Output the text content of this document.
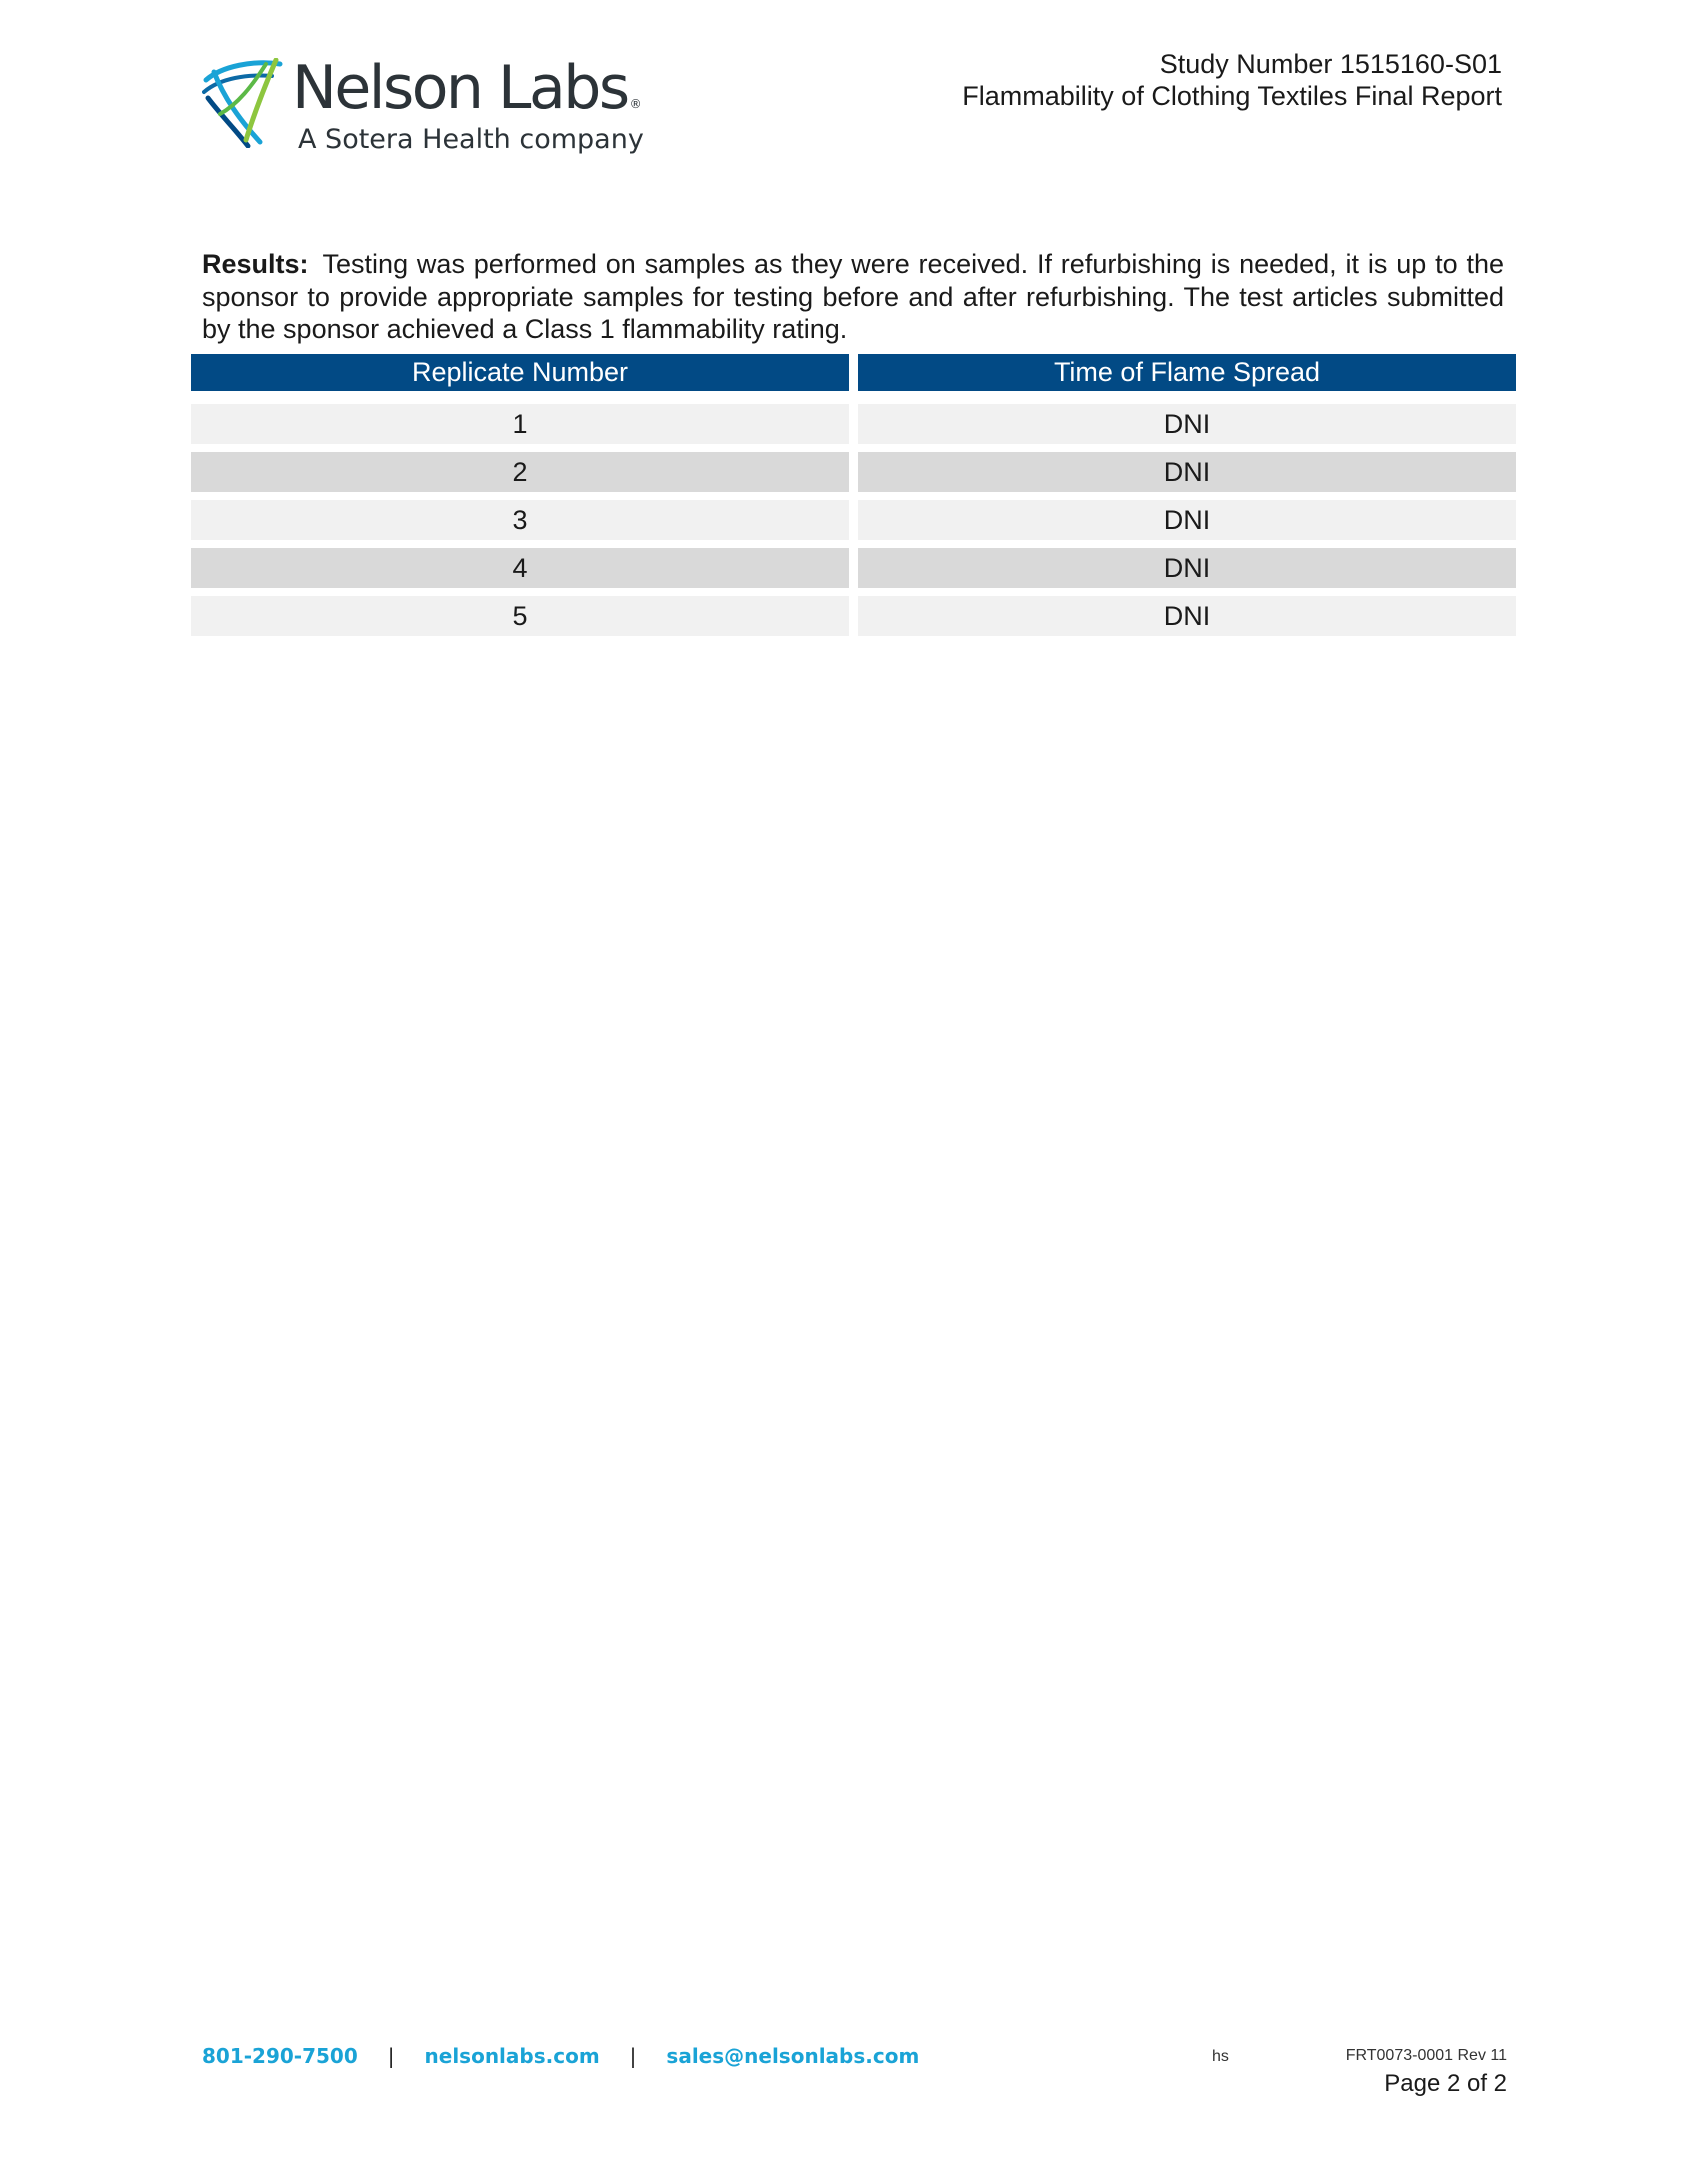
Nelson Labs ®
A Sotera Health company
Study Number 1515160-S01
Flammability of Clothing Textiles Final Report
Results: Testing was performed on samples as they were received. If refurbishing is needed, it is up to the sponsor to provide appropriate samples for testing before and after refurbishing. The test articles submitted by the sponsor achieved a Class 1 flammability rating.
Replicate Number	Time of Flame Spread
1	DNI
2	DNI
3	DNI
4	DNI
5	DNI
801-290-7500 | nelsonlabs.com | sales@nelsonlabs.com	hs	FRT0073-0001 Rev 11
Page 2 of 2
